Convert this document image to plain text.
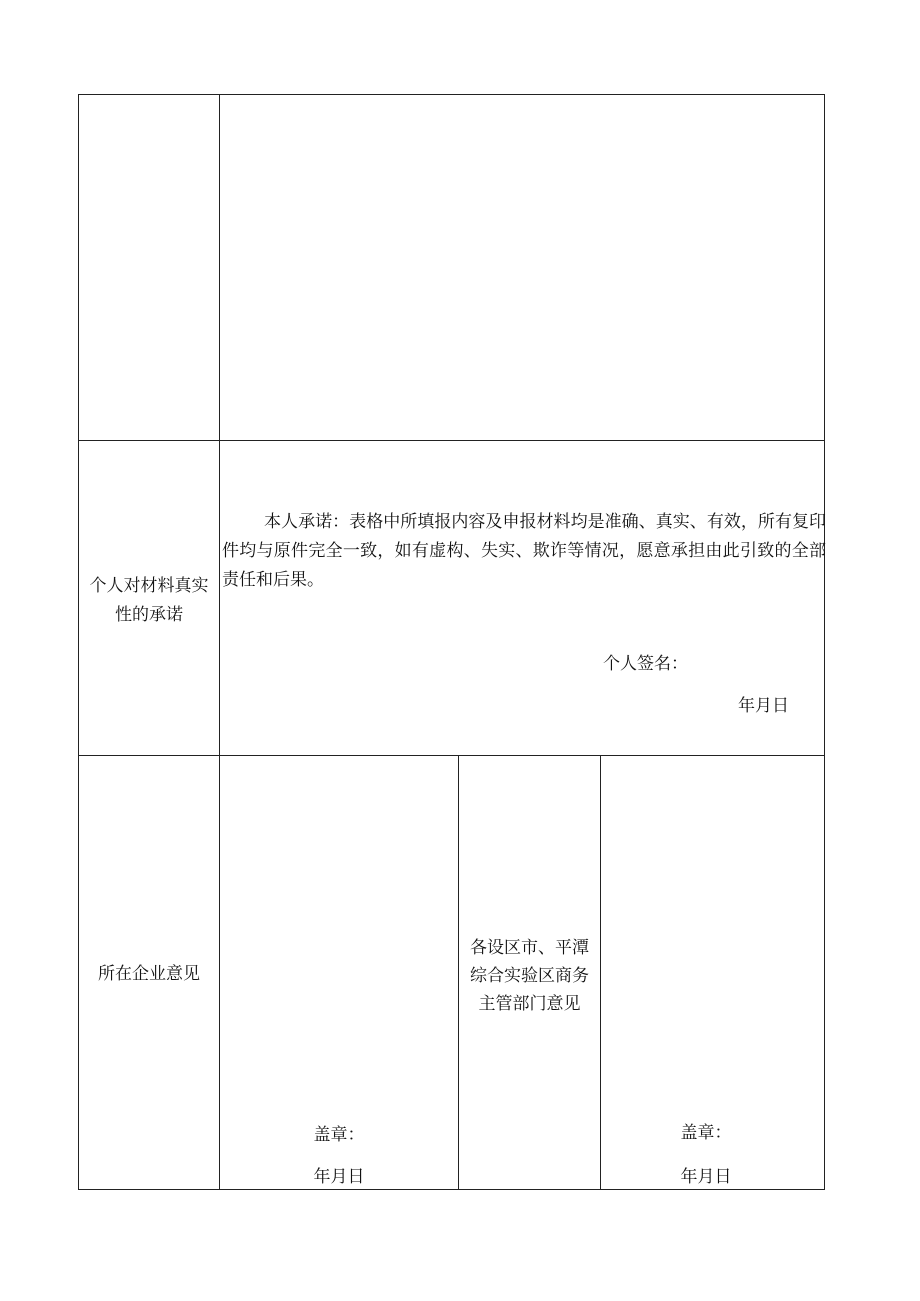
个人对材料真实
性的承诺
本人承诺：表格中所填报内容及申报材料均是准确、真实、有效，所有复印件均与原件完全一致，如有虚构、失实、欺诈等情况，愿意承担由此引致的全部责任和后果。
个人签名：
年月日
所在企业意见
盖章：
年月日
各设区市、平潭
综合实验区商务
主管部门意见
盖章：
年月日
